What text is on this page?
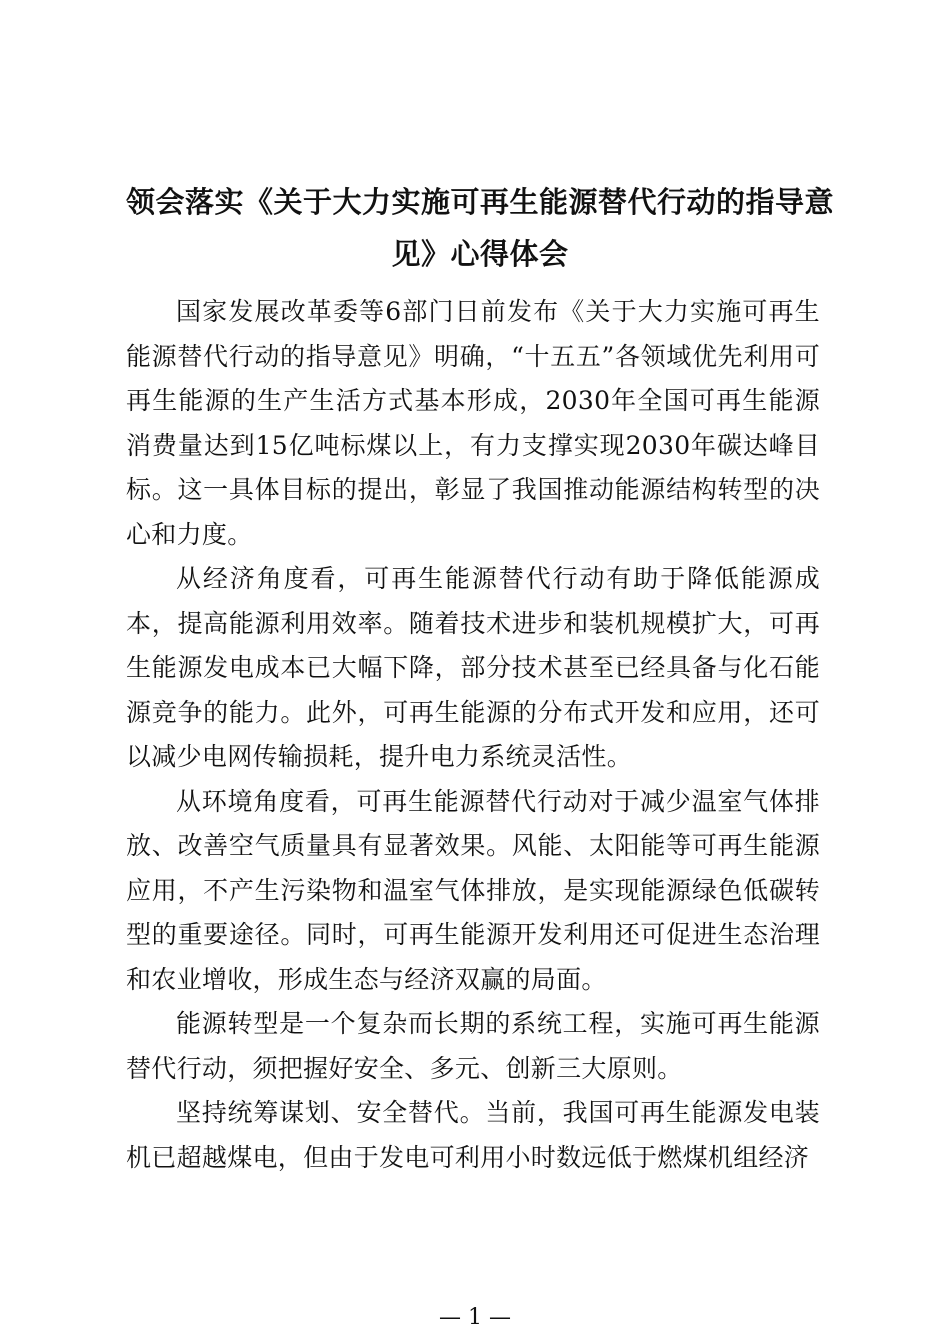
领会落实《关于大力实施可再生能源替代行动的指导意见》心得体会

国家发展改革委等6部门日前发布《关于大力实施可再生能源替代行动的指导意见》明确，“十五五”各领域优先利用可再生能源的生产生活方式基本形成，2030年全国可再生能源消费量达到15亿吨标煤以上，有力支撑实现2030年碳达峰目标。这一具体目标的提出，彰显了我国推动能源结构转型的决心和力度。

从经济角度看，可再生能源替代行动有助于降低能源成本，提高能源利用效率。随着技术进步和装机规模扩大，可再生能源发电成本已大幅下降，部分技术甚至已经具备与化石能源竞争的能力。此外，可再生能源的分布式开发和应用，还可以减少电网传输损耗，提升电力系统灵活性。

从环境角度看，可再生能源替代行动对于减少温室气体排放、改善空气质量具有显著效果。风能、太阳能等可再生能源应用，不产生污染物和温室气体排放，是实现能源绿色低碳转型的重要途径。同时，可再生能源开发利用还可促进生态治理和农业增收，形成生态与经济双赢的局面。

能源转型是一个复杂而长期的系统工程，实施可再生能源替代行动，须把握好安全、多元、创新三大原则。

坚持统筹谋划、安全替代。当前，我国可再生能源发电装机已超越煤电，但由于发电可利用小时数远低于燃煤机组经济

— 1 —
